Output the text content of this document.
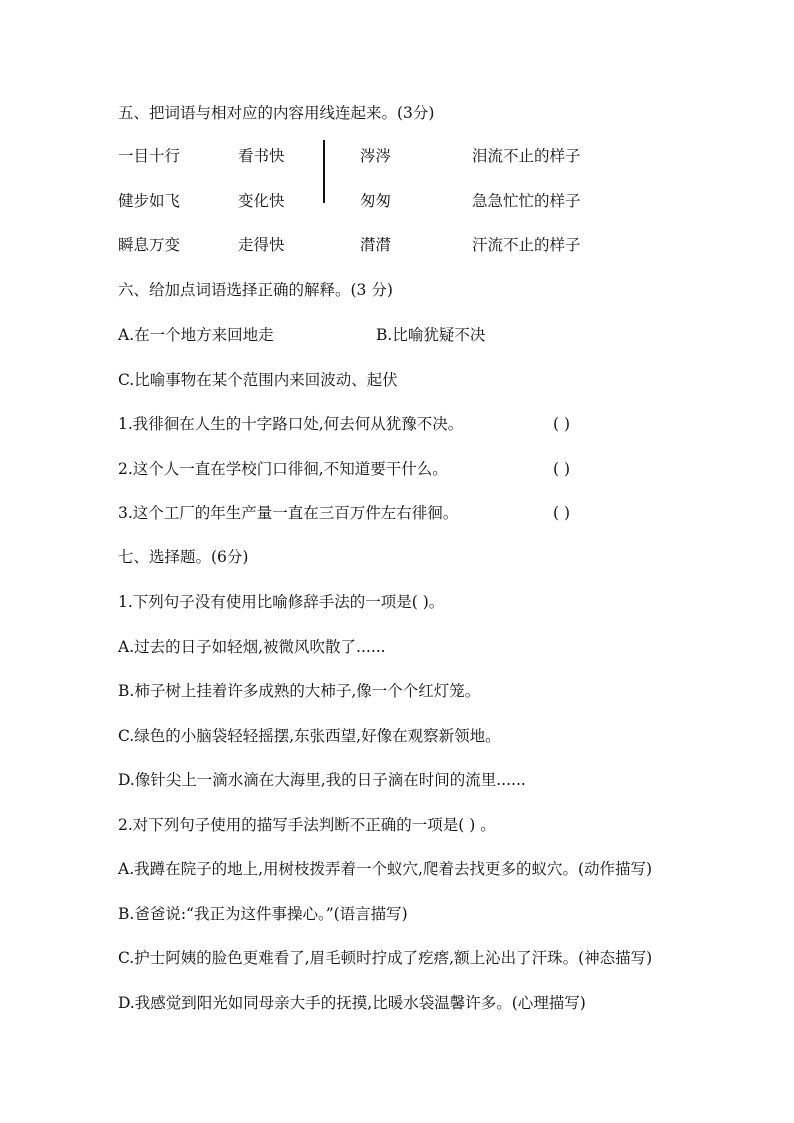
五、把词语与相对应的内容用线连起来。(3分)
一目十行	看书快	涔涔	泪流不止的样子
健步如飞	变化快	匆匆	急急忙忙的样子
瞬息万变	走得快	潸潸	汗流不止的样子
六、给加点词语选择正确的解释。(3 分)
A.在一个地方来回地走	B.比喻犹疑不决
C.比喻事物在某个范围内来回波动、起伏
1.我徘徊在人生的十字路口处,何去何从犹豫不决。	( )
2.这个人一直在学校门口徘徊,不知道要干什么。	( )
3.这个工厂的年生产量一直在三百万件左右徘徊。	( )
七、选择题。(6分)
1.下列句子没有使用比喻修辞手法的一项是( )。
A.过去的日子如轻烟,被微风吹散了......
B.柿子树上挂着许多成熟的大柿子,像一个个红灯笼。
C.绿色的小脑袋轻轻摇摆,东张西望,好像在观察新领地。
D.像针尖上一滴水滴在大海里,我的日子滴在时间的流里......
2.对下列句子使用的描写手法判断不正确的一项是( ) 。
A.我蹲在院子的地上,用树枝拨弄着一个蚁穴,爬着去找更多的蚁穴。(动作描写)
B.爸爸说:“我正为这件事操心。”(语言描写)
C.护士阿姨的脸色更难看了,眉毛顿时拧成了疙瘩,额上沁出了汗珠。(神态描写)
D.我感觉到阳光如同母亲大手的抚摸,比暖水袋温馨许多。(心理描写)
